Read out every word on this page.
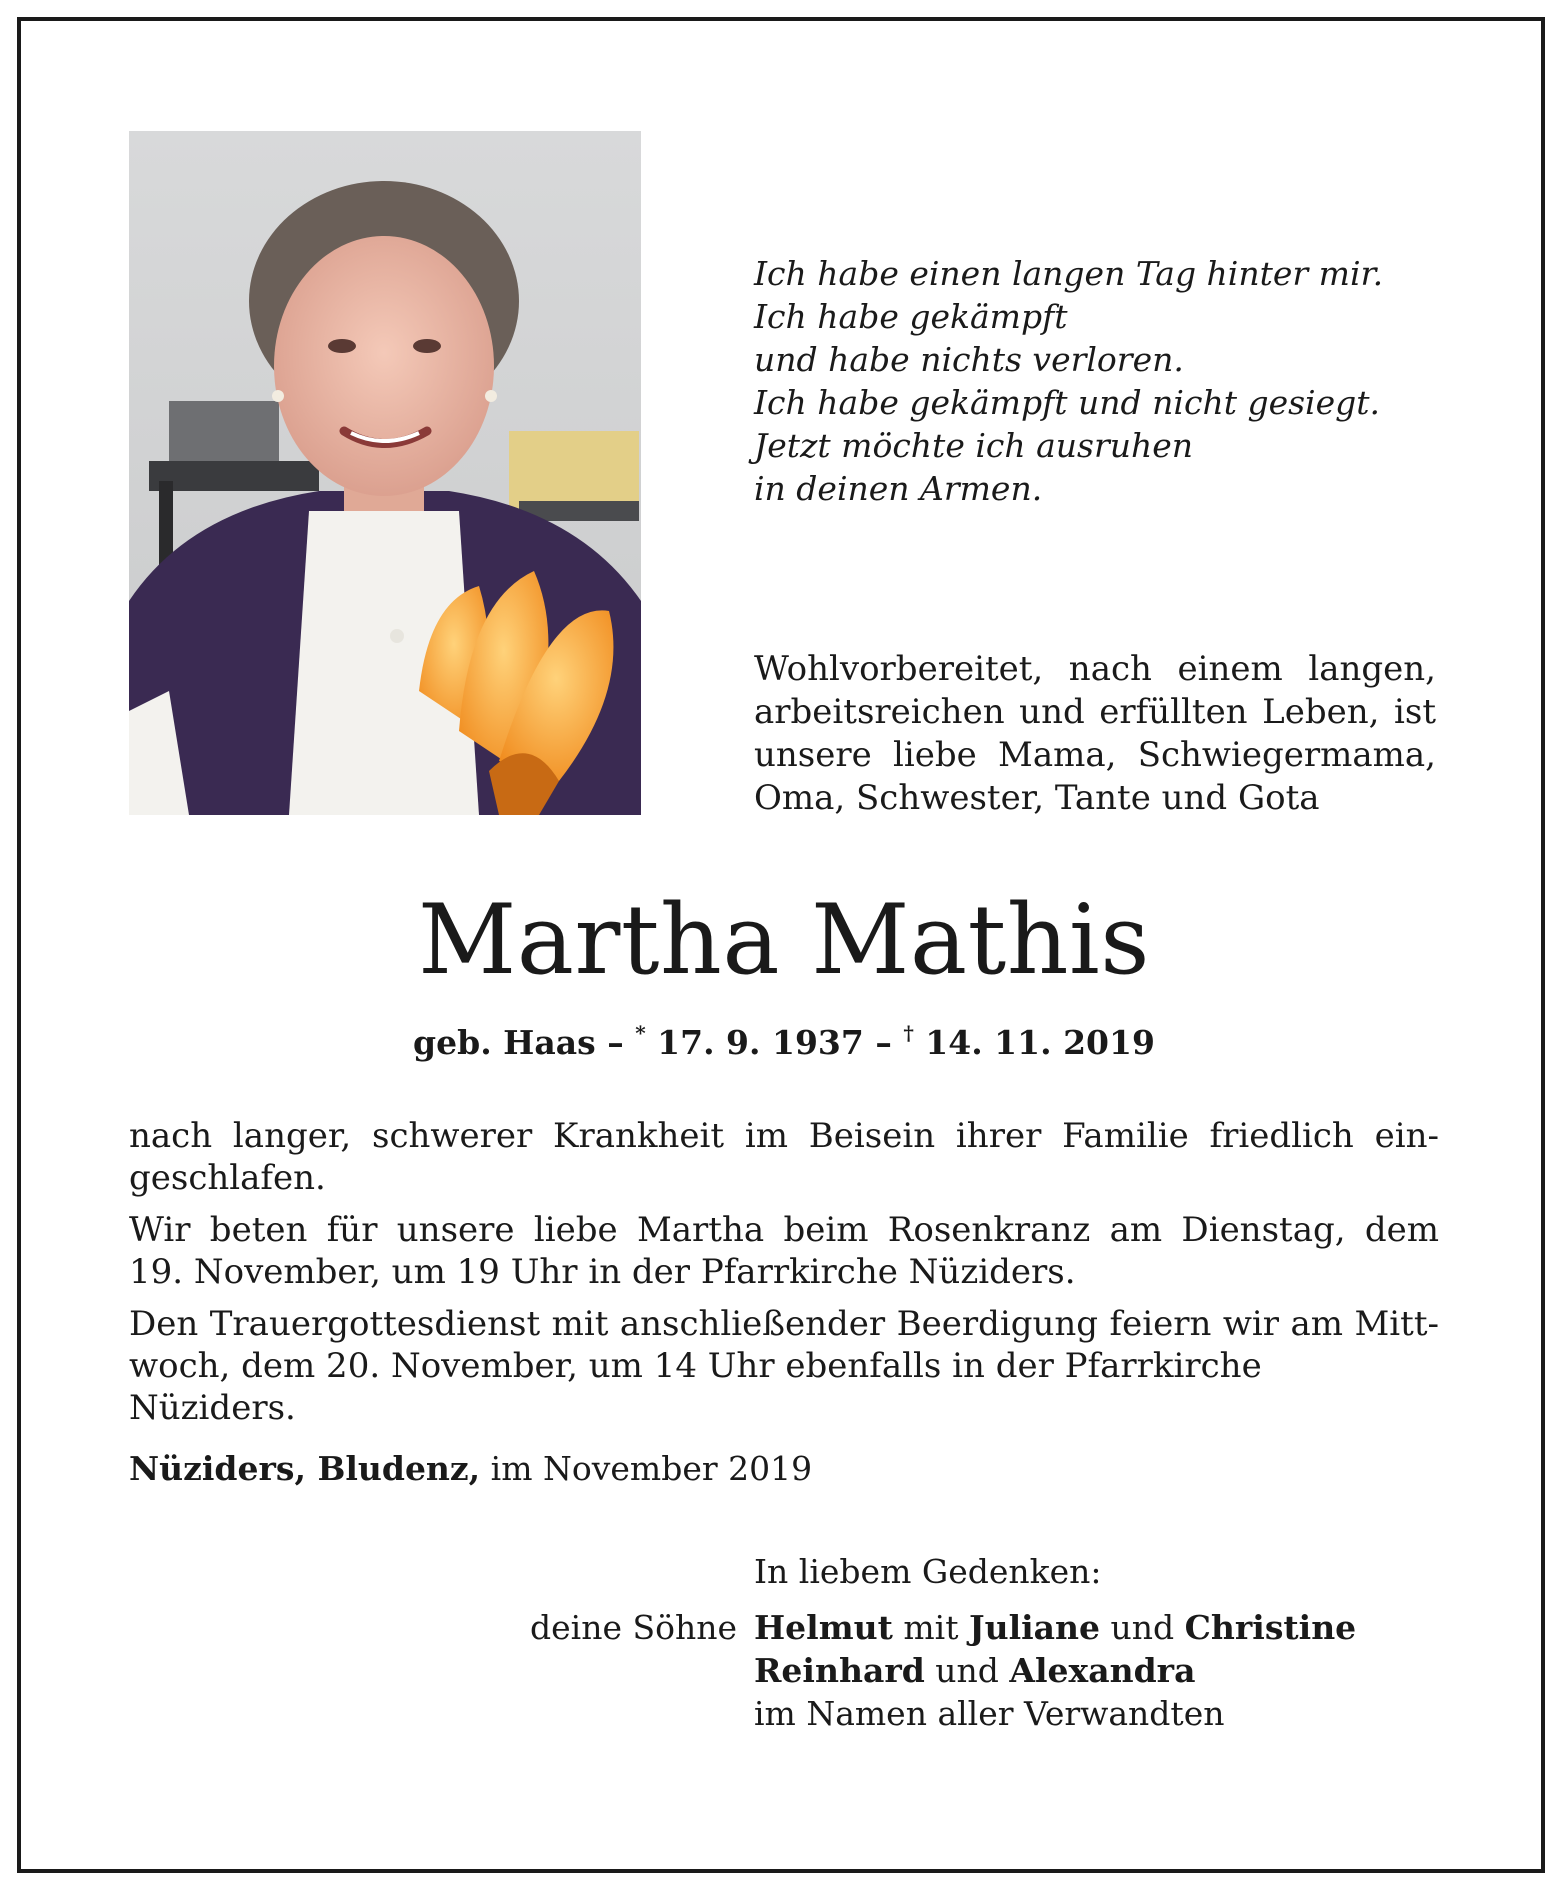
Ich habe einen langen Tag hinter mir.
Ich habe gekämpft
und habe nichts verloren.
Ich habe gekämpft und nicht gesiegt.
Jetzt möchte ich ausruhen
in deinen Armen.
Wohlvorbereitet, nach einem langen,
arbeitsreichen und erfüllten Leben, ist
unsere liebe Mama, Schwiegermama,
Oma, Schwester, Tante und Gota
Martha Mathis
geb. Haas – * 17. 9. 1937 – † 14. 11. 2019
nach langer, schwerer Krankheit im Beisein ihrer Familie friedlich ein-
geschlafen.
Wir beten für unsere liebe Martha beim Rosenkranz am Dienstag, dem
19. November, um 19 Uhr in der Pfarrkirche Nüziders.
Den Trauergottesdienst mit anschließender Beerdigung feiern wir am Mitt-
woch, dem 20. November, um 14 Uhr ebenfalls in der Pfarrkirche Nüziders.
Nüziders, Bludenz, im November 2019
In liebem Gedenken:
deine Söhne Helmut mit Juliane und Christine
Reinhard und Alexandra
im Namen aller Verwandten
